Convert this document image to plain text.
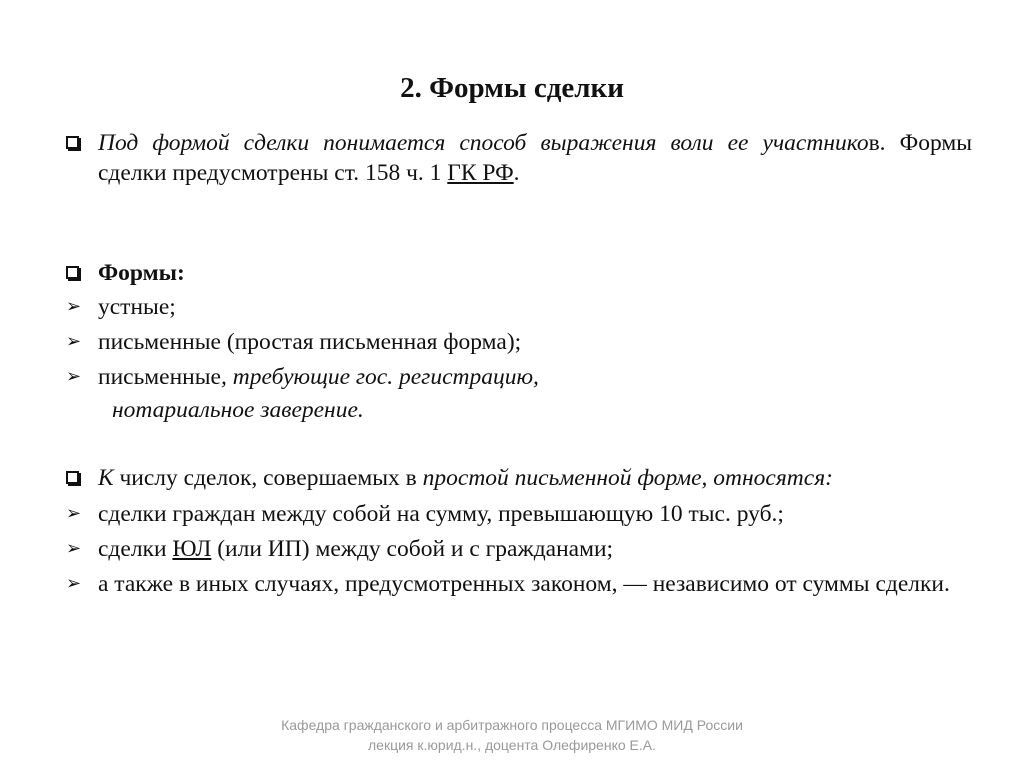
2. Формы сделки
Под формой сделки понимается способ выражения воли ее участников. Формы сделки предусмотрены ст. 158 ч. 1 ГК РФ.
Формы:
➢ устные;
➢ письменные (простая письменная форма);
➢ письменные, требующие гос. регистрацию,
нотариальное заверение.
К числу сделок, совершаемых в простой письменной форме, относятся:
➢ сделки граждан между собой на сумму, превышающую 10 тыс. руб.;
➢ сделки ЮЛ (или ИП) между собой и с гражданами;
➢ а также в иных случаях, предусмотренных законом, — независимо от суммы сделки.
Кафедра гражданского и арбитражного процесса МГИМО МИД России
лекция к.юрид.н., доцента Олефиренко Е.А.
